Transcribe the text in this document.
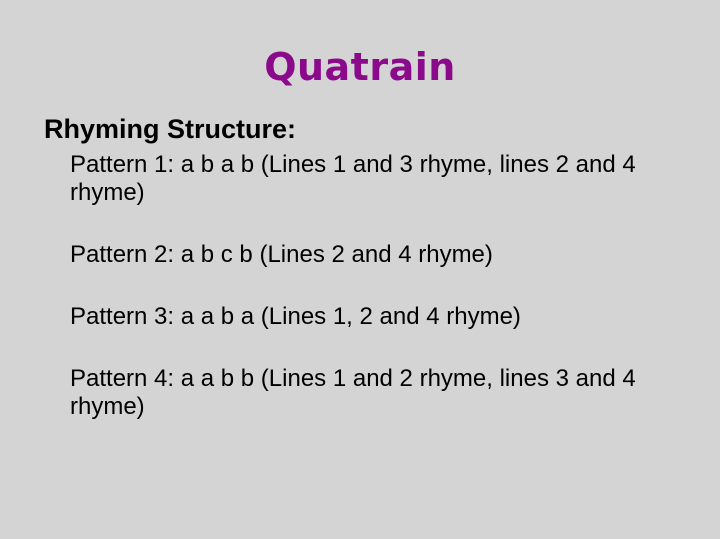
Quatrain
Rhyming Structure:
Pattern 1: a b a b (Lines 1 and 3 rhyme, lines 2 and 4 rhyme)
Pattern 2: a b c b (Lines 2 and 4 rhyme)
Pattern 3: a a b a (Lines 1, 2 and 4 rhyme)
Pattern 4: a a b b (Lines 1 and 2 rhyme, lines 3 and 4 rhyme)
